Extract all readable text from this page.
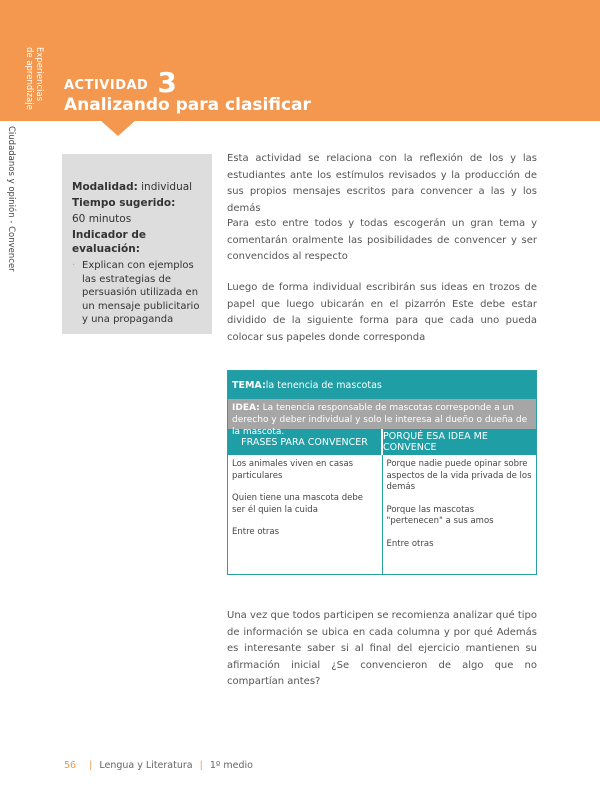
Experiencias
de aprendizaje
Ciudadanos y opinión - Convencer
ACTIVIDAD 3
Analizando para clasificar
Modalidad: individual
Tiempo sugerido:
60 minutos
Indicador de evaluación:
· Explican con ejemplos las estrategias de persuasión utilizada en un mensaje publicitario y una propaganda
Esta actividad se relaciona con la reflexión de los y las estudiantes ante los estímulos revisados y la producción de sus propios mensajes escritos para convencer a las y los demás
Para esto entre todos y todas escogerán un gran tema y comentarán oralmente las posibilidades de convencer y ser convencidos al respecto
Luego de forma individual escribirán sus ideas en trozos de papel que luego ubicarán en el pizarrón Este debe estar dividido de la siguiente forma para que cada uno pueda colocar sus papeles donde corresponda
TEMA: la tenencia de mascotas
IDEA: La tenencia responsable de mascotas corresponde a un derecho y deber individual y solo le interesa al dueño o dueña de la mascota.
FRASES PARA CONVENCER	PORQUÉ ESA IDEA ME CONVENCE
Los animales viven en casas particulares
Quien tiene una mascota debe ser él quien la cuida
Entre otras
Porque nadie puede opinar sobre aspectos de la vida privada de los demás
Porque las mascotas "pertenecen" a sus amos
Entre otras
Una vez que todos participen se recomienza analizar qué tipo de información se ubica en cada columna y por qué Además es interesante saber si al final del ejercicio mantienen su afirmación inicial ¿Se convencieron de algo que no compartían antes?
56 | Lengua y Literatura | 1º medio
